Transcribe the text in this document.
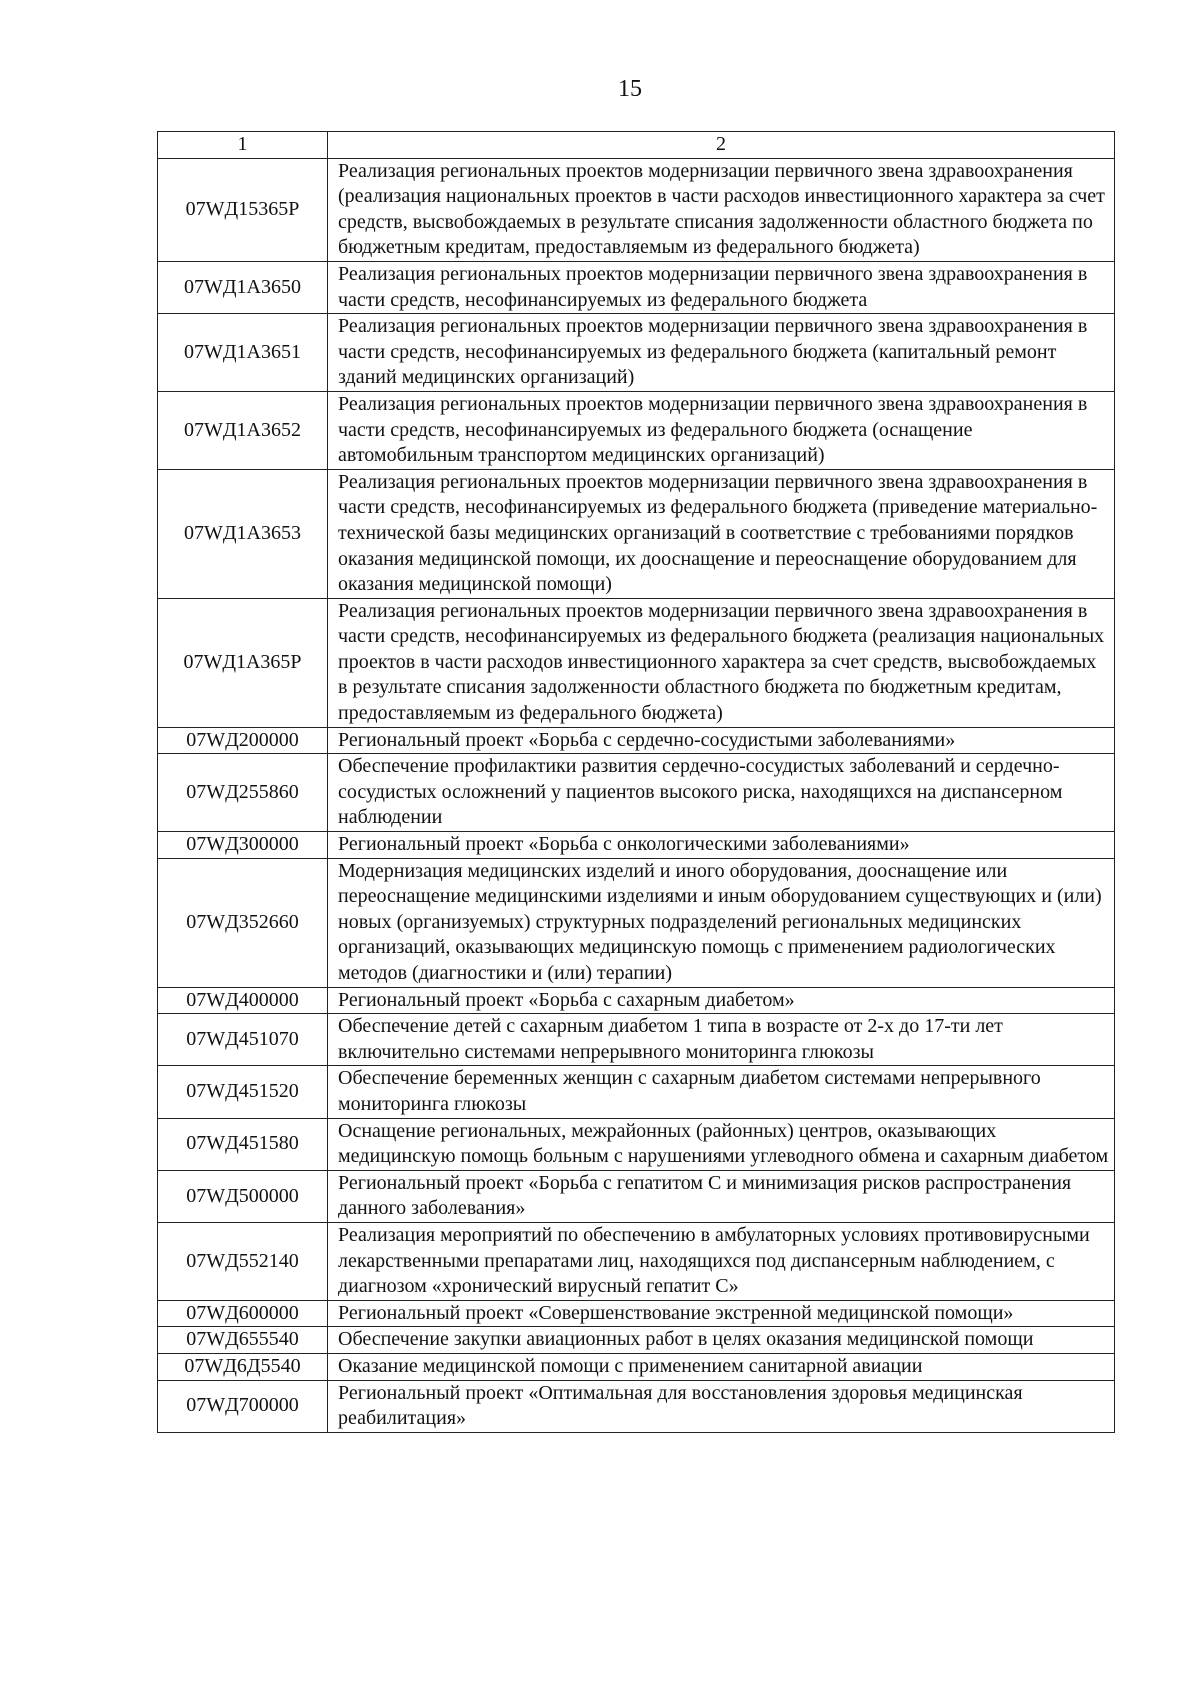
15
1	2
07WД15365P	Реализация региональных проектов модернизации первичного звена здравоохранения (реализация национальных проектов в части расходов инвестиционного характера за счет средств, высвобождаемых в результате списания задолженности областного бюджета по бюджетным кредитам, предоставляемым из федерального бюджета)
07WД1A3650	Реализация региональных проектов модернизации первичного звена здравоохранения в части средств, несофинансируемых из федерального бюджета
07WД1A3651	Реализация региональных проектов модернизации первичного звена здравоохранения в части средств, несофинансируемых из федерального бюджета (капитальный ремонт зданий медицинских организаций)
07WД1A3652	Реализация региональных проектов модернизации первичного звена здравоохранения в части средств, несофинансируемых из федерального бюджета (оснащение автомобильным транспортом медицинских организаций)
07WД1A3653	Реализация региональных проектов модернизации первичного звена здравоохранения в части средств, несофинансируемых из федерального бюджета (приведение материально-технической базы медицинских организаций в соответствие с требованиями порядков оказания медицинской помощи, их дооснащение и переоснащение оборудованием для оказания медицинской помощи)
07WД1A365P	Реализация региональных проектов модернизации первичного звена здравоохранения в части средств, несофинансируемых из федерального бюджета (реализация национальных проектов в части расходов инвестиционного характера за счет средств, высвобождаемых в результате списания задолженности областного бюджета по бюджетным кредитам, предоставляемым из федерального бюджета)
07WД200000	Региональный проект «Борьба с сердечно-сосудистыми заболеваниями»
07WД255860	Обеспечение профилактики развития сердечно-сосудистых заболеваний и сердечно-сосудистых осложнений у пациентов высокого риска, находящихся на диспансерном наблюдении
07WД300000	Региональный проект «Борьба с онкологическими заболеваниями»
07WД352660	Модернизация медицинских изделий и иного оборудования, дооснащение или переоснащение медицинскими изделиями и иным оборудованием существующих и (или) новых (организуемых) структурных подразделений региональных медицинских организаций, оказывающих медицинскую помощь с применением радиологических методов (диагностики и (или) терапии)
07WД400000	Региональный проект «Борьба с сахарным диабетом»
07WД451070	Обеспечение детей с сахарным диабетом 1 типа в возрасте от 2-х до 17-ти лет включительно системами непрерывного мониторинга глюкозы
07WД451520	Обеспечение беременных женщин с сахарным диабетом системами непрерывного мониторинга глюкозы
07WД451580	Оснащение региональных, межрайонных (районных) центров, оказывающих медицинскую помощь больным с нарушениями углеводного обмена и сахарным диабетом
07WД500000	Региональный проект «Борьба с гепатитом С и минимизация рисков распространения данного заболевания»
07WД552140	Реализация мероприятий по обеспечению в амбулаторных условиях противовирусными лекарственными препаратами лиц, находящихся под диспансерным наблюдением, с диагнозом «хронический вирусный гепатит С»
07WД600000	Региональный проект «Совершенствование экстренной медицинской помощи»
07WД655540	Обеспечение закупки авиационных работ в целях оказания медицинской помощи
07WД6Д5540	Оказание медицинской помощи с применением санитарной авиации
07WД700000	Региональный проект «Оптимальная для восстановления здоровья медицинская реабилитация»
